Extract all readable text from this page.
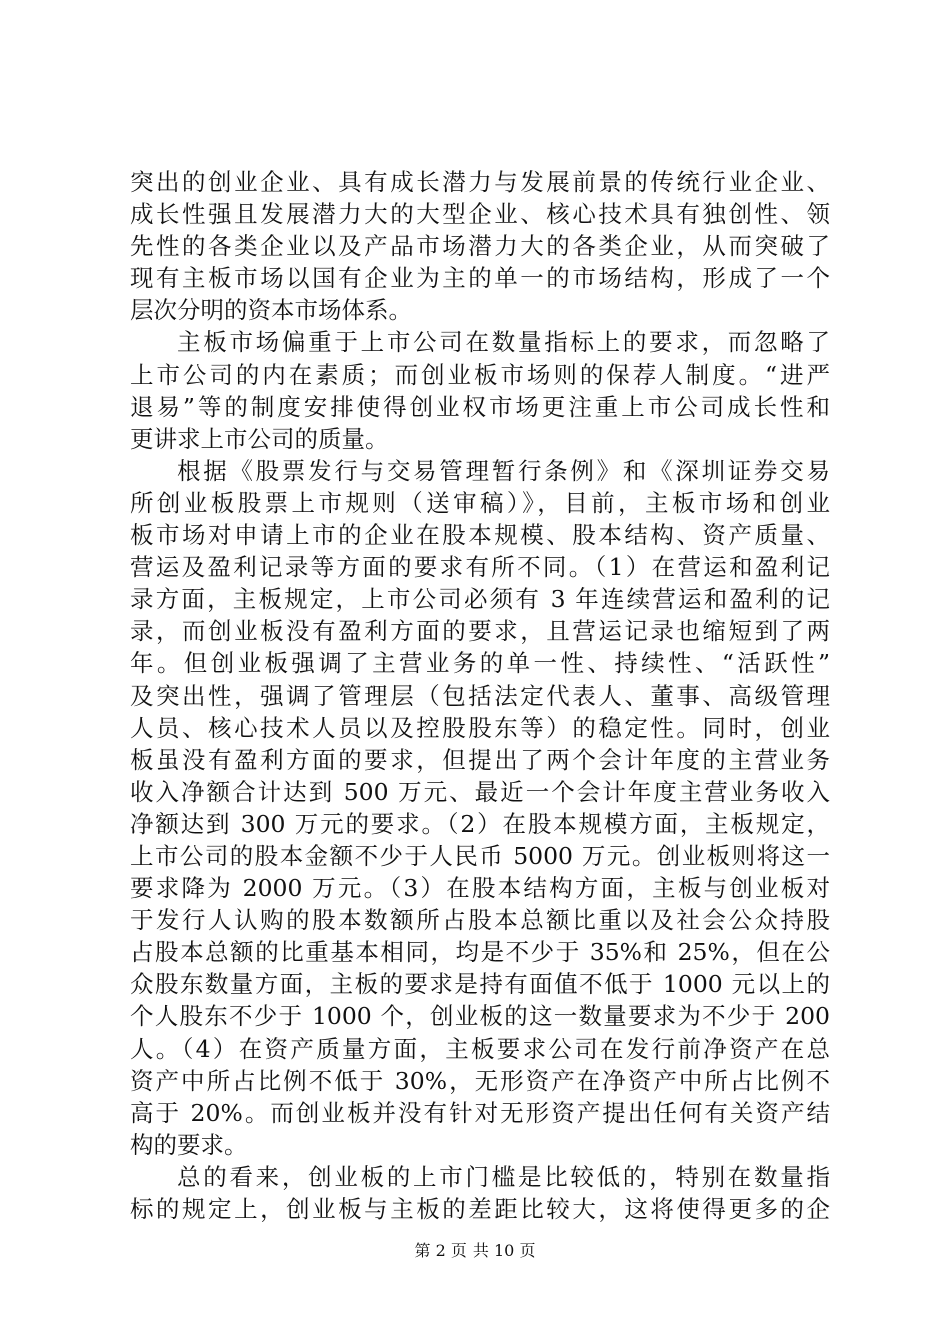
突出的创业企业、具有成长潜力与发展前景的传统行业企业、
成长性强且发展潜力大的大型企业、核心技术具有独创性、领
先性的各类企业以及产品市场潜力大的各类企业，从而突破了
现有主板市场以国有企业为主的单一的市场结构，形成了一个
层次分明的资本市场体系。
主板市场偏重于上市公司在数量指标上的要求，而忽略了
上市公司的内在素质；而创业板市场则的保荐人制度。“进严
退易”等的制度安排使得创业权市场更注重上市公司成长性和
更讲求上市公司的质量。
根据《股票发行与交易管理暂行条例》和《深圳证券交易
所创业板股票上市规则（送审稿）》，目前，主板市场和创业
板市场对申请上市的企业在股本规模、股本结构、资产质量、
营运及盈利记录等方面的要求有所不同。（1）在营运和盈利记
录方面，主板规定，上市公司必须有 3 年连续营运和盈利的记
录，而创业板没有盈利方面的要求，且营运记录也缩短到了两
年。但创业板强调了主营业务的单一性、持续性、“活跃性”
及突出性，强调了管理层（包括法定代表人、董事、高级管理
人员、核心技术人员以及控股股东等）的稳定性。同时，创业
板虽没有盈利方面的要求，但提出了两个会计年度的主营业务
收入净额合计达到 500 万元、最近一个会计年度主营业务收入
净额达到 300 万元的要求。（2）在股本规模方面，主板规定，
上市公司的股本金额不少于人民币 5000 万元。创业板则将这一
要求降为 2000 万元。（3）在股本结构方面，主板与创业板对
于发行人认购的股本数额所占股本总额比重以及社会公众持股
占股本总额的比重基本相同，均是不少于 35%和 25%，但在公
众股东数量方面，主板的要求是持有面值不低于 1000 元以上的
个人股东不少于 1000 个，创业板的这一数量要求为不少于 200
人。（4）在资产质量方面，主板要求公司在发行前净资产在总
资产中所占比例不低于 30%，无形资产在净资产中所占比例不
高于 20%。而创业板并没有针对无形资产提出任何有关资产结
构的要求。
总的看来，创业板的上市门槛是比较低的，特别在数量指
标的规定上，创业板与主板的差距比较大，这将使得更多的企
第 2 页 共 10 页
